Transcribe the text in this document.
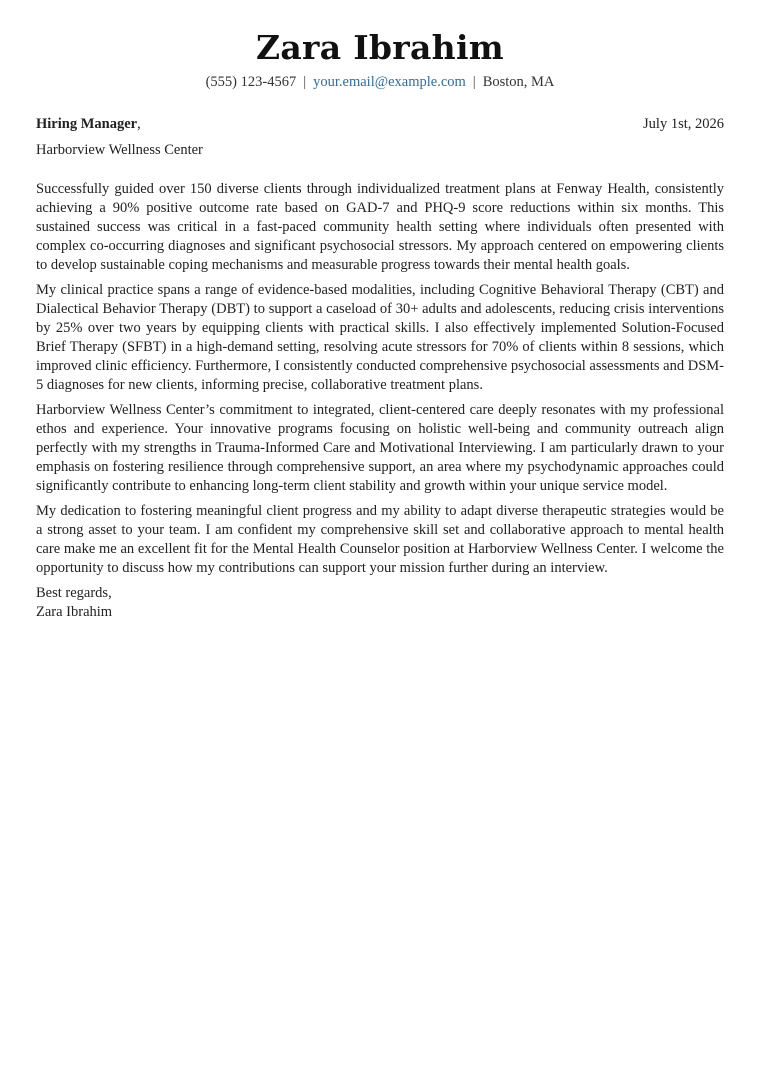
Zara Ibrahim
(555) 123-4567 | your.email@example.com | Boston, MA
Hiring Manager,	July 1st, 2026
Harborview Wellness Center

Successfully guided over 150 diverse clients through individualized treatment plans at Fenway Health, consistently achieving a 90% positive outcome rate based on GAD-7 and PHQ-9 score reductions within six months. This sustained success was critical in a fast-paced community health setting where individuals often presented with complex co-occurring diagnoses and significant psychosocial stressors. My approach centered on empowering clients to develop sustainable coping mechanisms and measurable progress towards their mental health goals.

My clinical practice spans a range of evidence-based modalities, including Cognitive Behavioral Therapy (CBT) and Dialectical Behavior Therapy (DBT) to support a caseload of 30+ adults and adolescents, reducing crisis interventions by 25% over two years by equipping clients with practical skills. I also effectively implemented Solution-Focused Brief Therapy (SFBT) in a high-demand setting, resolving acute stressors for 70% of clients within 8 sessions, which improved clinic efficiency. Furthermore, I consistently conducted comprehensive psychosocial assessments and DSM-5 diagnoses for new clients, informing precise, collaborative treatment plans.

Harborview Wellness Center’s commitment to integrated, client-centered care deeply resonates with my professional ethos and experience. Your innovative programs focusing on holistic well-being and community outreach align perfectly with my strengths in Trauma-Informed Care and Motivational Interviewing. I am particularly drawn to your emphasis on fostering resilience through comprehensive support, an area where my psychodynamic approaches could significantly contribute to enhancing long-term client stability and growth within your unique service model.

My dedication to fostering meaningful client progress and my ability to adapt diverse therapeutic strategies would be a strong asset to your team. I am confident my comprehensive skill set and collaborative approach to mental health care make me an excellent fit for the Mental Health Counselor position at Harborview Wellness Center. I welcome the opportunity to discuss how my contributions can support your mission further during an interview.

Best regards,
Zara Ibrahim
